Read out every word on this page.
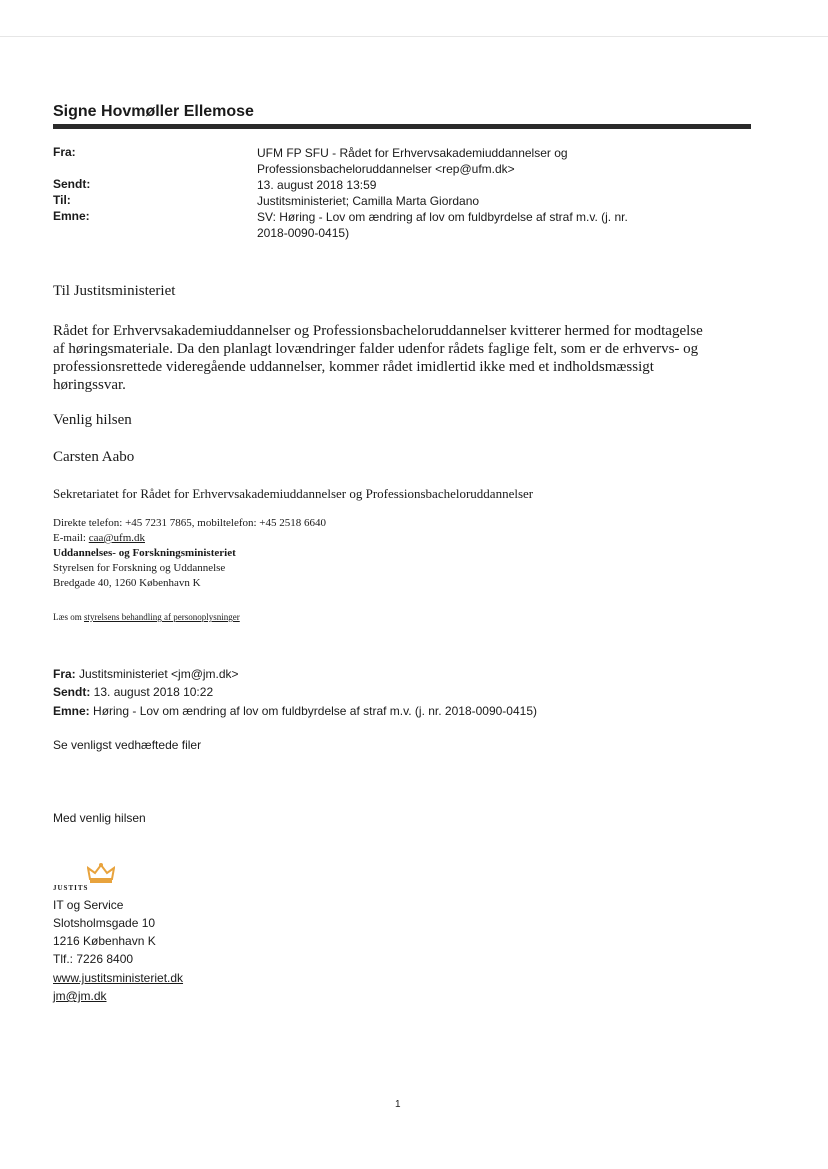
Signe Hovmøller Ellemose
Fra:	UFM FP SFU - Rådet for Erhvervsakademiuddannelser og
Professionsbacheloruddannelser <rep@ufm.dk>
Sendt:	13. august 2018 13:59
Til:	Justitsministeriet; Camilla Marta Giordano
Emne:	SV: Høring - Lov om ændring af lov om fuldbyrdelse af straf m.v. (j. nr.
2018-0090-0415)
Til Justitsministeriet
Rådet for Erhvervsakademiuddannelser og Professionsbacheloruddannelser kvitterer hermed for modtagelse
af høringsmateriale. Da den planlagt lovændringer falder udenfor rådets faglige felt, som er de erhvervs- og
professionsrettede videregående uddannelser, kommer rådet imidlertid ikke med et indholdsmæssigt
høringssvar.
Venlig hilsen
Carsten Aabo
Sekretariatet for Rådet for Erhvervsakademiuddannelser og Professionsbacheloruddannelser
Direkte telefon: +45 7231 7865, mobiltelefon: +45 2518 6640
E-mail: caa@ufm.dk
Uddannelses- og Forskningsministeriet
Styrelsen for Forskning og Uddannelse
Bredgade 40, 1260 København K
Læs om styrelsens behandling af personoplysninger
Fra: Justitsministeriet <jm@jm.dk>
Sendt: 13. august 2018 10:22
Emne: Høring - Lov om ændring af lov om fuldbyrdelse af straf m.v. (j. nr. 2018-0090-0415)
Se venligst vedhæftede filer
Med venlig hilsen
JUSTITS
IT og Service
Slotsholmsgade 10
1216 København K
Tlf.: 7226 8400
www.justitsministeriet.dk
jm@jm.dk
1
